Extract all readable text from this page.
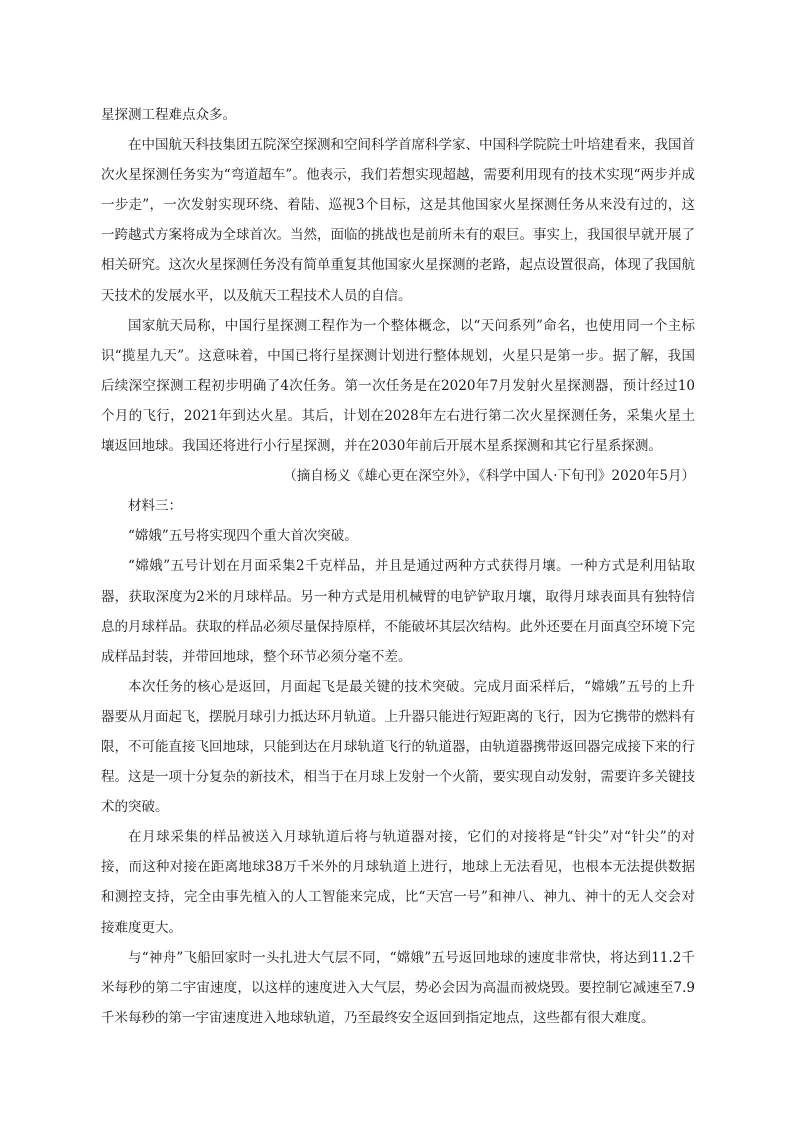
星探测工程难点众多。

在中国航天科技集团五院深空探测和空间科学首席科学家、中国科学院院士叶培建看来，我国首次火星探测任务实为“弯道超车”。他表示，我们若想实现超越，需要利用现有的技术实现“两步并成一步走”，一次发射实现环绕、着陆、巡视3个目标，这是其他国家火星探测任务从来没有过的，这一跨越式方案将成为全球首次。当然，面临的挑战也是前所未有的艰巨。事实上，我国很早就开展了相关研究。这次火星探测任务没有简单重复其他国家火星探测的老路，起点设置很高，体现了我国航天技术的发展水平，以及航天工程技术人员的自信。

国家航天局称，中国行星探测工程作为一个整体概念，以“天问系列”命名，也使用同一个主标识“揽星九天”。这意味着，中国已将行星探测计划进行整体规划，火星只是第一步。据了解，我国后续深空探测工程初步明确了4次任务。第一次任务是在2020年7月发射火星探测器，预计经过10个月的飞行，2021年到达火星。其后，计划在2028年左右进行第二次火星探测任务，采集火星土壤返回地球。我国还将进行小行星探测，并在2030年前后开展木星系探测和其它行星系探测。

（摘自杨义《雄心更在深空外》，《科学中国人·下旬刊》2020年5月）

材料三：

“嫦娥”五号将实现四个重大首次突破。

“嫦娥”五号计划在月面采集2千克样品，并且是通过两种方式获得月壤。一种方式是利用钻取器，获取深度为2米的月球样品。另一种方式是用机械臂的电铲铲取月壤，取得月球表面具有独特信息的月球样品。获取的样品必须尽量保持原样，不能破坏其层次结构。此外还要在月面真空环境下完成样品封装，并带回地球，整个环节必须分毫不差。

本次任务的核心是返回，月面起飞是最关键的技术突破。完成月面采样后，“嫦娥”五号的上升器要从月面起飞，摆脱月球引力抵达环月轨道。上升器只能进行短距离的飞行，因为它携带的燃料有限，不可能直接飞回地球，只能到达在月球轨道飞行的轨道器，由轨道器携带返回器完成接下来的行程。这是一项十分复杂的新技术，相当于在月球上发射一个火箭，要实现自动发射，需要许多关键技术的突破。

在月球采集的样品被送入月球轨道后将与轨道器对接，它们的对接将是“针尖”对“针尖”的对接，而这种对接在距离地球38万千米外的月球轨道上进行，地球上无法看见，也根本无法提供数据和测控支持，完全由事先植入的人工智能来完成，比“天宫一号”和神八、神九、神十的无人交会对接难度更大。

与“神舟”飞船回家时一头扎进大气层不同，“嫦娥”五号返回地球的速度非常快，将达到11.2千米每秒的第二宇宙速度，以这样的速度进入大气层，势必会因为高温而被烧毁。要控制它减速至7.9千米每秒的第一宇宙速度进入地球轨道，乃至最终安全返回到指定地点，这些都有很大难度。
